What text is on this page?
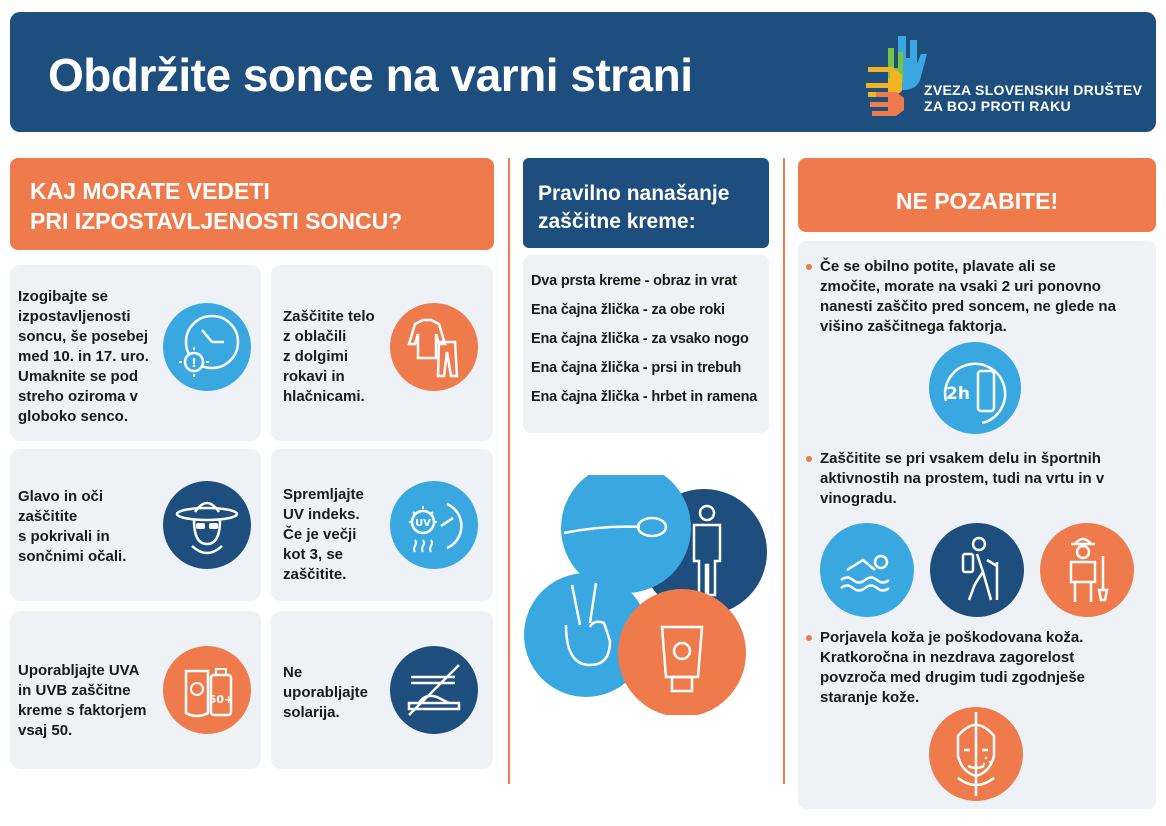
Obdržite sonce na varni strani	ZVEZA SLOVENSKIH DRUŠTEV
ZA BOJ PROTI RAKU
KAJ MORATE VEDETI
PRI IZPOSTAVLJENOSTI SONCU?
Izogibajte se
izpostavljenosti
soncu, še posebej
med 10. in 17. uro.
Umaknite se pod
streho oziroma v
globoko senco.
!
Zaščitite telo
z oblačili
z dolgimi
rokavi in
hlačnicami.
Glavo in oči
zaščitite
s pokrivali in
sončnimi očali.
Spremljajte
UV indeks.
Če je večji
kot 3, se
zaščitite.
UV
Uporabljajte UVA
in UVB zaščitne
kreme s faktorjem
vsaj 50.
50+
Ne
uporabljajte
solarija.
Pravilno nanašanje
zaščitne kreme:
Dva prsta kreme - obraz in vrat
Ena čajna žlička - za obe roki
Ena čajna žlička - za vsako nogo
Ena čajna žlička - prsi in trebuh
Ena čajna žlička - hrbet in ramena
NE POZABITE!
Če se obilno potite, plavate ali se
zmočite, morate na vsaki 2 uri ponovno
nanesti zaščito pred soncem, ne glede na
višino zaščitnega faktorja.
2h
Zaščitite se pri vsakem delu in športnih
aktivnostih na prostem, tudi na vrtu in v
vinogradu.
Porjavela koža je poškodovana koža.
Kratkoročna in nezdrava zagorelost
povzroča med drugim tudi zgodnješe
staranje kože.
